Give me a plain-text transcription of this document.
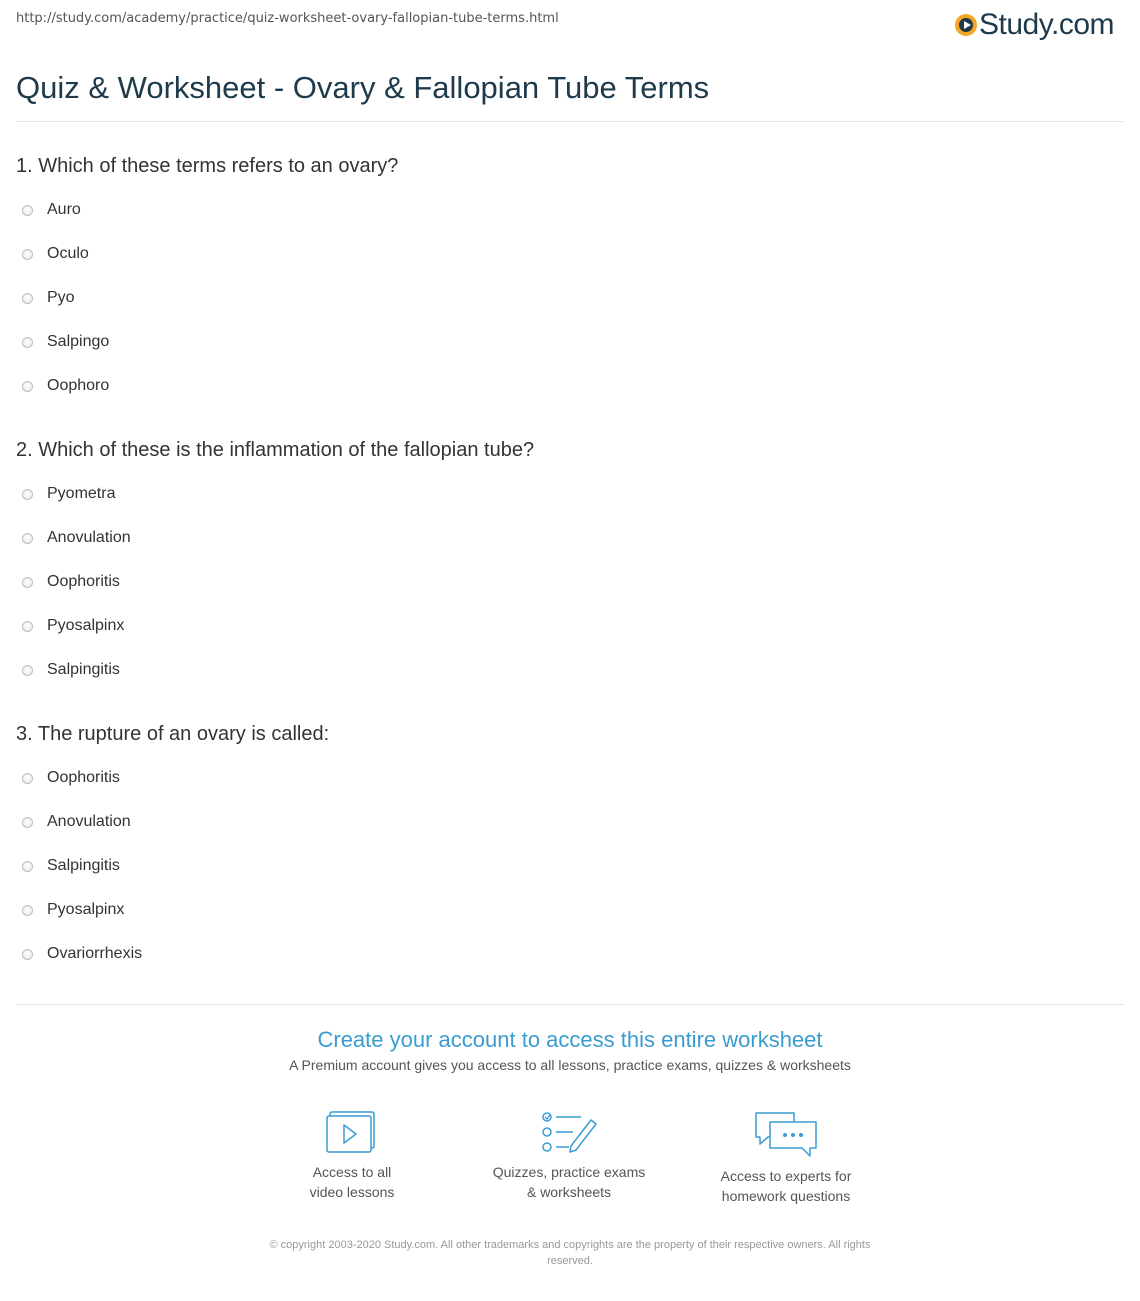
http://study.com/academy/practice/quiz-worksheet-ovary-fallopian-tube-terms.html	Study.com
Quiz & Worksheet - Ovary & Fallopian Tube Terms
1. Which of these terms refers to an ovary?
Auro
Oculo
Pyo
Salpingo
Oophoro
2. Which of these is the inflammation of the fallopian tube?
Pyometra
Anovulation
Oophoritis
Pyosalpinx
Salpingitis
3. The rupture of an ovary is called:
Oophoritis
Anovulation
Salpingitis
Pyosalpinx
Ovariorrhexis
Create your account to access this entire worksheet
A Premium account gives you access to all lessons, practice exams, quizzes & worksheets
Access to all
video lessons
Quizzes, practice exams
& worksheets
Access to experts for
homework questions
© copyright 2003-2020 Study.com. All other trademarks and copyrights are the property of their respective owners. All rights
reserved.
